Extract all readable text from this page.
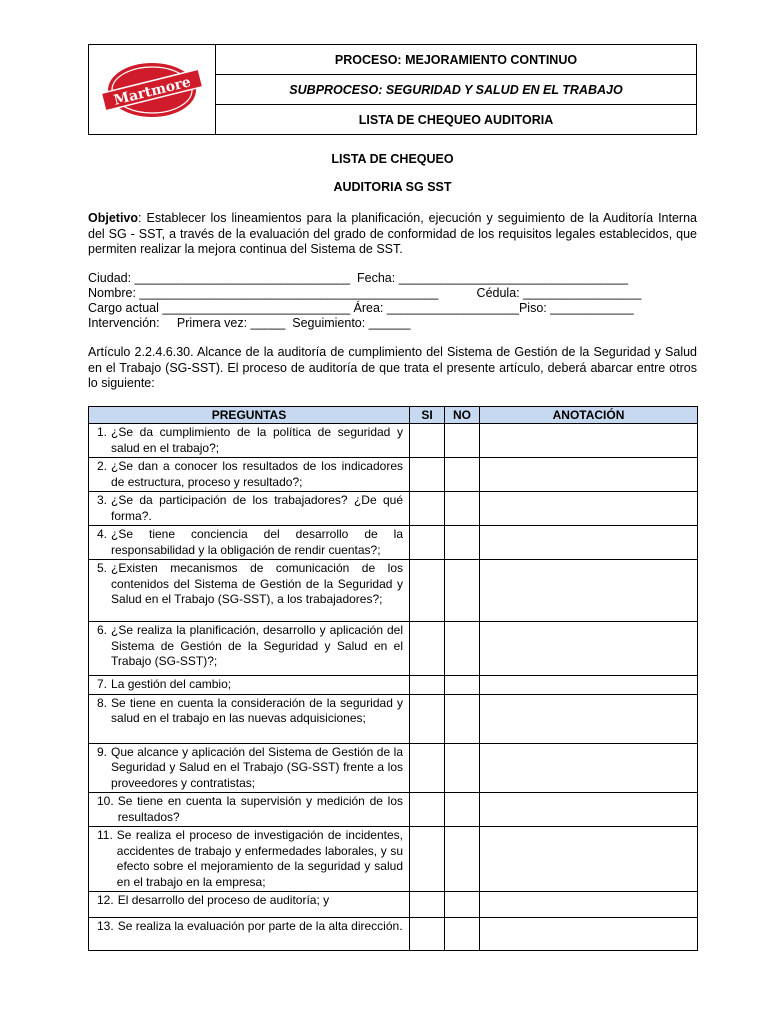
Martmore
	PROCESO: MEJORAMIENTO CONTINUO
SUBPROCESO: SEGURIDAD Y SALUD EN EL TRABAJO
LISTA DE CHEQUEO AUDITORIA
LISTA DE CHEQUEO
AUDITORIA SG SST
Objetivo: Establecer los lineamientos para la planificación, ejecución y seguimiento de la Auditoría Interna del SG - SST, a través de la evaluación del grado de conformidad de los requisitos legales establecidos, que permiten realizar la mejora continua del Sistema de SST.
Ciudad: _______________________________  Fecha: _________________________________
Nombre: ___________________________________________           Cédula: _________________
Cargo actual ___________________________ Área: ___________________Piso: ____________
Intervención:     Primera vez: _____  Seguimiento: ______
Artículo 2.2.4.6.30. Alcance de la auditoría de cumplimiento del Sistema de Gestión de la Seguridad y Salud en el Trabajo (SG-SST). El proceso de auditoría de que trata el presente artículo, deberá abarcar entre otros lo siguiente:
PREGUNTAS	SI	NO	ANOTACIÓN

1. ¿Se da cumplimiento de la política de seguridad y salud en el trabajo?;			

2. ¿Se dan a conocer los resultados de los indicadores de estructura, proceso y resultado?;			

3. ¿Se da participación de los trabajadores? ¿De qué forma?.			

4. ¿Se tiene conciencia del desarrollo de la responsabilidad y la obligación de rendir cuentas?;			

5. ¿Existen mecanismos de comunicación de los contenidos del Sistema de Gestión de la Seguridad y Salud en el Trabajo (SG-SST), a los trabajadores?;			

6. ¿Se realiza la planificación, desarrollo y aplicación del Sistema de Gestión de la Seguridad y Salud en el Trabajo (SG-SST)?;			

7. La gestión del cambio;			

8. Se tiene en cuenta la consideración de la seguridad y salud en el trabajo en las nuevas adquisiciones;			

9. Que alcance y aplicación del Sistema de Gestión de la Seguridad y Salud en el Trabajo (SG-SST) frente a los proveedores y contratistas;			

10. Se tiene en cuenta la supervisión y medición de los resultados?			

11. Se realiza el proceso de investigación de incidentes, accidentes de trabajo y enfermedades laborales, y su efecto sobre el mejoramiento de la seguridad y salud en el trabajo en la empresa;			

12. El desarrollo del proceso de auditoría; y			

13. Se realiza la evaluación por parte de la alta dirección.			
